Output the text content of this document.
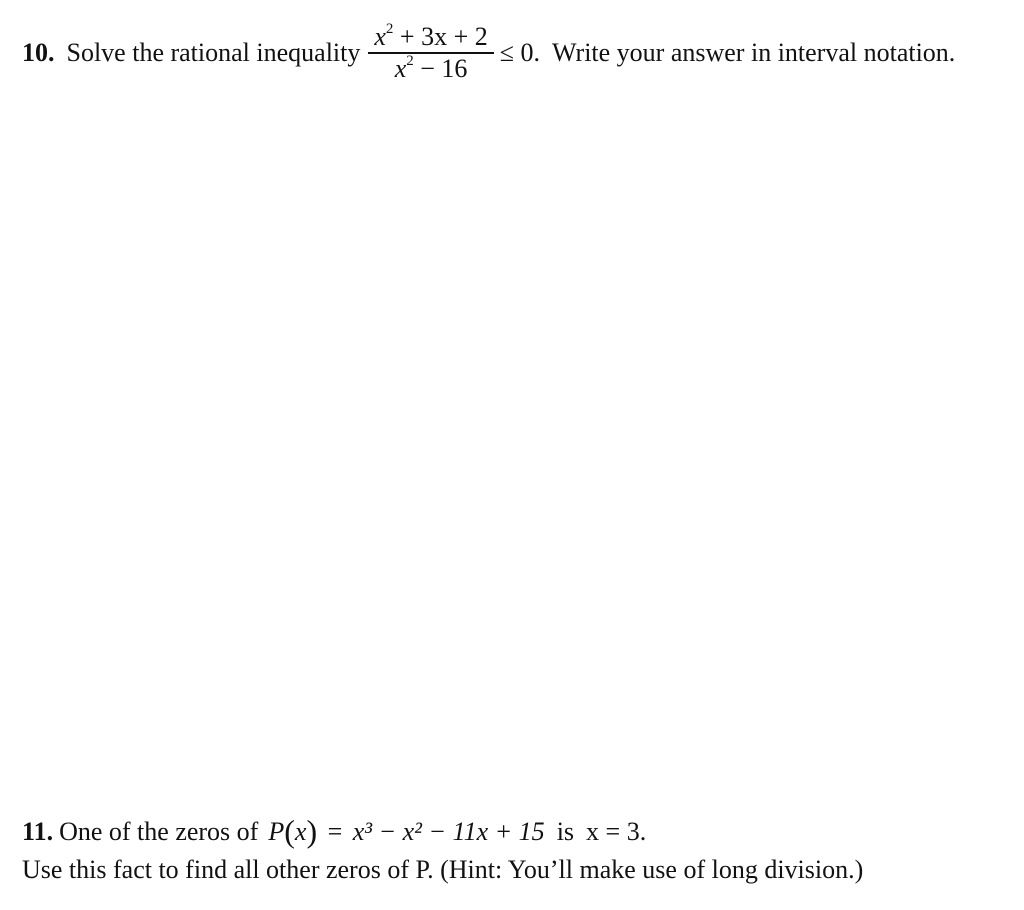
10. Solve the rational inequality $\frac{x^2 + 3x + 2}{x^2 - 16} \le 0$. Write your answer in interval notation.
11. One of the zeros of P(x) = x³ − x² − 11x + 15 is x = 3.
Use this fact to find all other zeros of P. (Hint: You’ll make use of long division.)
